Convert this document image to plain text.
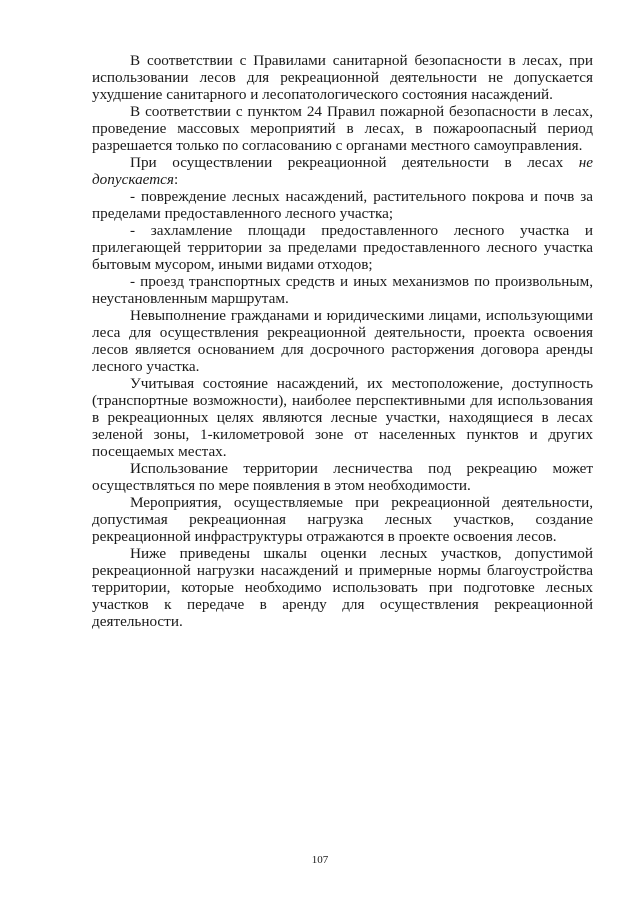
В соответствии с Правилами санитарной безопасности в лесах, при использовании лесов для рекреационной деятельности не допускается ухудшение санитарного и лесопатологического состояния насаждений.

В соответствии с пунктом 24 Правил пожарной безопасности в лесах, проведение массовых мероприятий в лесах, в пожароопасный период разрешается только по согласованию с органами местного самоуправления.

При осуществлении рекреационной деятельности в лесах не допускается:

- повреждение лесных насаждений, растительного покрова и почв за пределами предоставленного лесного участка;

- захламление площади предоставленного лесного участка и прилегающей территории за пределами предоставленного лесного участка бытовым мусором, иными видами отходов;

- проезд транспортных средств и иных механизмов по произвольным, неустановленным маршрутам.

Невыполнение гражданами и юридическими лицами, использующими леса для осуществления рекреационной деятельности, проекта освоения лесов является основанием для досрочного расторжения договора аренды лесного участка.

Учитывая состояние насаждений, их местоположение, доступность (транспортные возможности), наиболее перспективными для использования в рекреационных целях являются лесные участки, находящиеся в лесах зеленой зоны, 1-километровой зоне от населенных пунктов и других посещаемых местах.

Использование территории лесничества под рекреацию может осуществляться по мере появления в этом необходимости.

Мероприятия, осуществляемые при рекреационной деятельности, допустимая рекреационная нагрузка лесных участков, создание рекреационной инфраструктуры отражаются в проекте освоения лесов.

Ниже приведены шкалы оценки лесных участков, допустимой рекреационной нагрузки насаждений и примерные нормы благоустройства территории, которые необходимо использовать при подготовке лесных участков к передаче в аренду для осуществления рекреационной деятельности.

107
